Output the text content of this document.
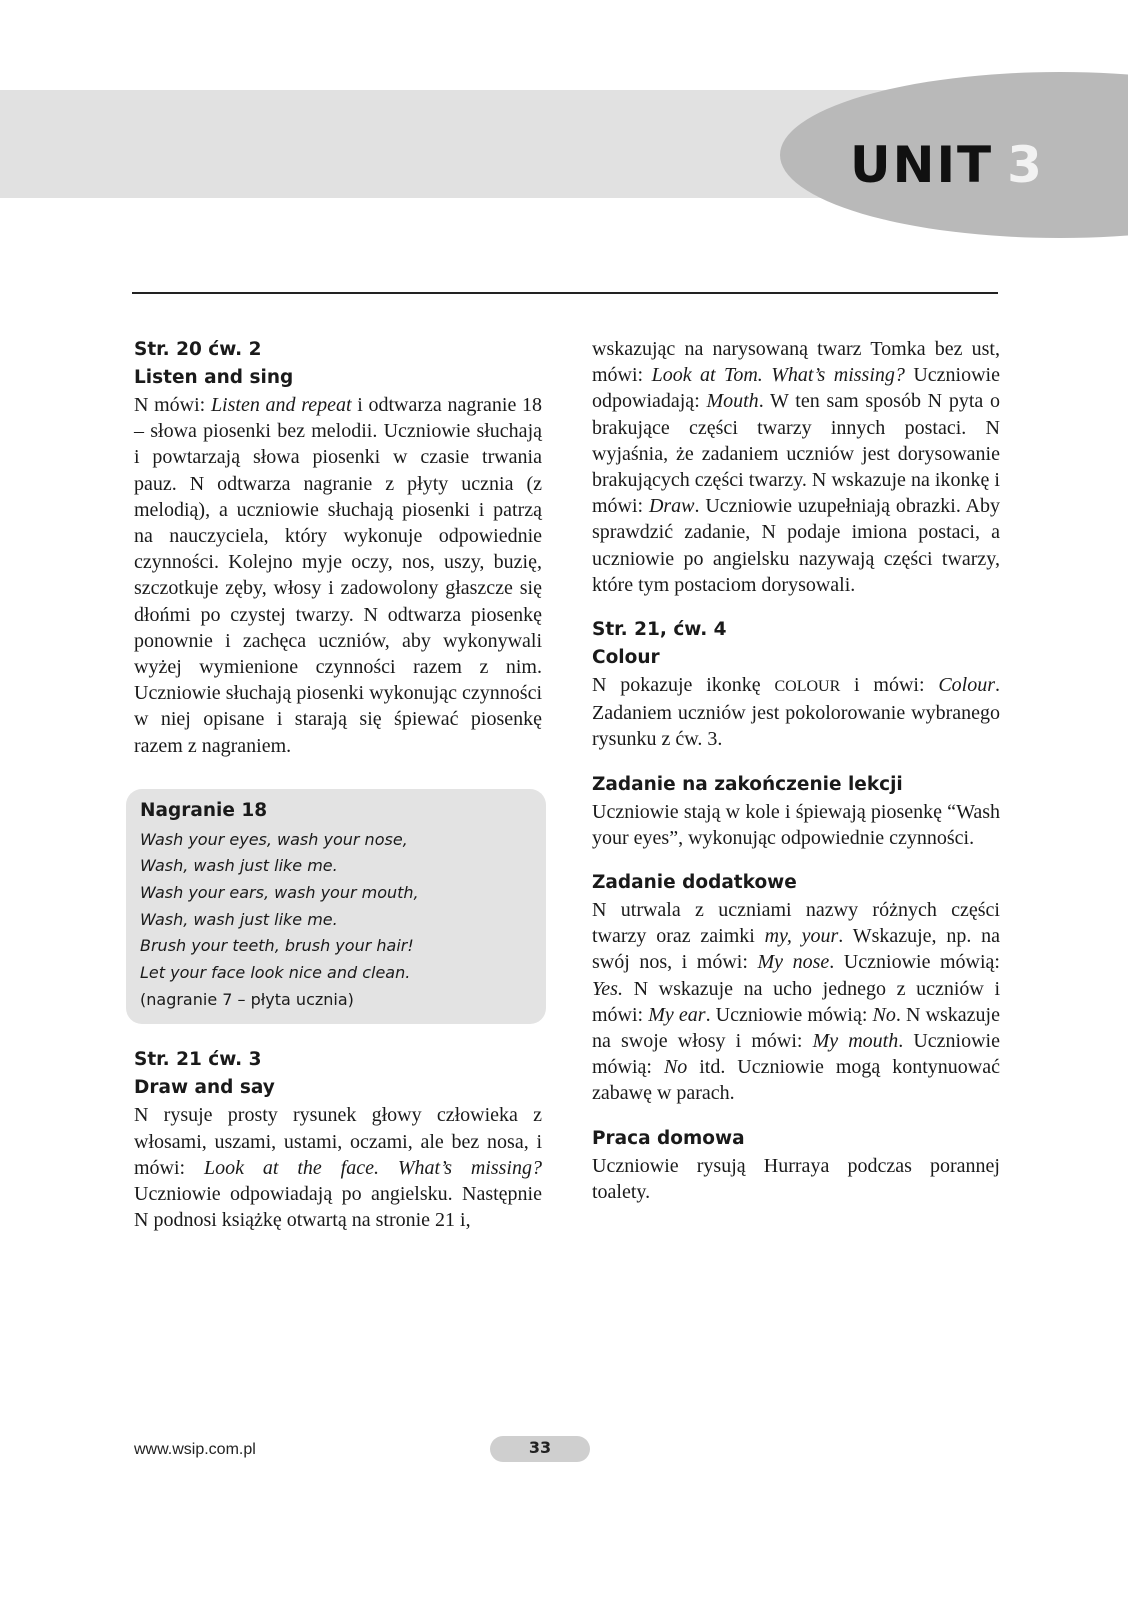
UNIT 3

Str. 20 ćw. 2

Listen and sing

N mówi: Listen and repeat i odtwarza nagranie 18 – słowa piosenki bez melodii. Uczniowie słuchają i powtarzają słowa piosenki w czasie trwania pauz. N odtwarza nagranie z płyty ucznia (z melodią), a uczniowie słuchają piosenki i patrzą na nauczyciela, który wykonuje odpowiednie czynności. Kolejno myje oczy, nos, uszy, buzię, szczotkuje zęby, włosy i zadowolony głaszcze się dłońmi po czystej twarzy. N odtwarza piosenkę ponownie i zachęca uczniów, aby wykonywali wyżej wymienione czynności razem z nim. Uczniowie słuchają piosenki wykonując czynności w niej opisane i starają się śpiewać piosenkę razem z nagraniem.

Nagranie 18

Wash your eyes, wash your nose,

Wash, wash just like me.

Wash your ears, wash your mouth,

Wash, wash just like me.

Brush your teeth, brush your hair!

Let your face look nice and clean.

(nagranie 7 – płyta ucznia)

Str. 21 ćw. 3

Draw and say

N rysuje prosty rysunek głowy człowieka z włosami, uszami, ustami, oczami, ale bez nosa, i mówi: Look at the face. What’s missing? Uczniowie odpowiadają po angielsku. Następnie N podnosi książkę otwartą na stronie 21 i,

wskazując na narysowaną twarz Tomka bez ust, mówi: Look at Tom. What’s missing? Uczniowie odpowiadają: Mouth. W ten sam sposób N pyta o brakujące części twarzy innych postaci. N wyjaśnia, że zadaniem uczniów jest dorysowanie brakujących części twarzy. N wskazuje na ikonkę i mówi: Draw. Uczniowie uzupełniają obrazki. Aby sprawdzić zadanie, N podaje imiona postaci, a uczniowie po angielsku nazywają części twarzy, które tym postaciom dorysowali.

Str. 21, ćw. 4

Colour

N pokazuje ikonkę COLOUR i mówi: Colour. Zadaniem uczniów jest pokolorowanie wybranego rysunku z ćw. 3.

Zadanie na zakończenie lekcji

Uczniowie stają w kole i śpiewają piosenkę “Wash your eyes”, wykonując odpowiednie czynności.

Zadanie dodatkowe

N utrwala z uczniami nazwy różnych części twarzy oraz zaimki my, your. Wskazuje, np. na swój nos, i mówi: My nose. Uczniowie mówią: Yes. N wskazuje na ucho jednego z uczniów i mówi: My ear. Uczniowie mówią: No. N wskazuje na swoje włosy i mówi: My mouth. Uczniowie mówią: No itd. Uczniowie mogą kontynuować zabawę w parach.

Praca domowa

Uczniowie rysują Hurraya podczas porannej toalety.

www.wsip.com.pl	33
